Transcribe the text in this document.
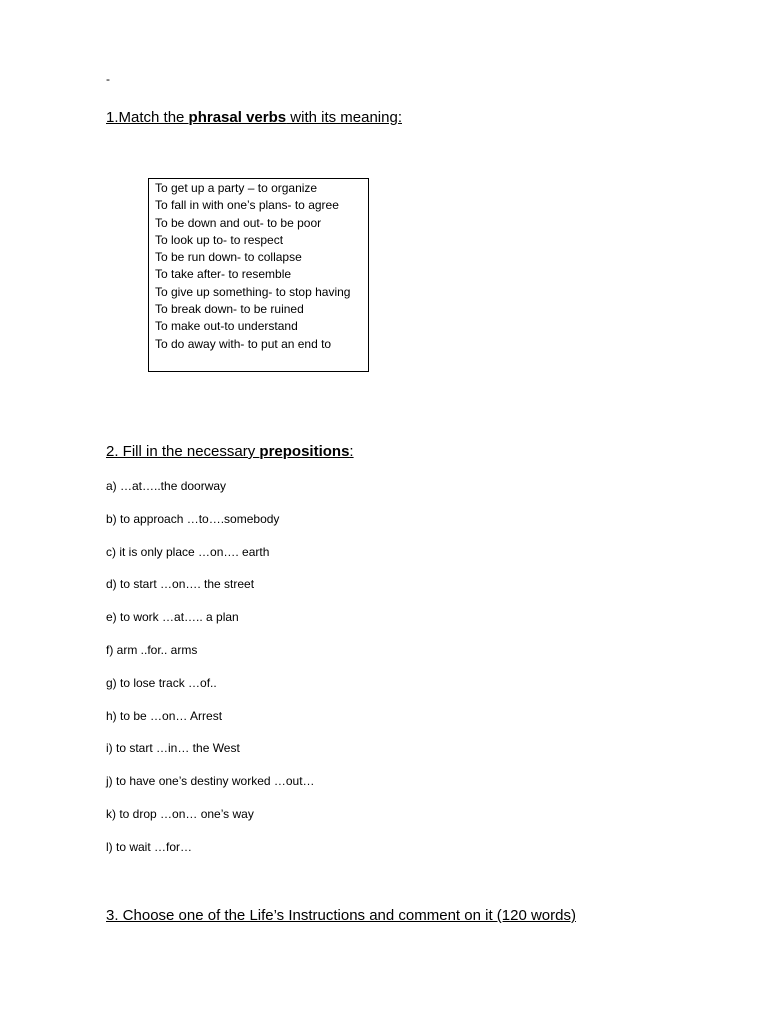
-
1.Match the phrasal verbs with its meaning:
To get up a party – to organize
To fall in with one’s plans- to agree
To be down and out- to be poor
To look up to- to respect
To be run down- to collapse
To take after- to resemble
To give up something- to stop having
To break down- to be ruined
To make out-to understand
To do away with- to put an end to
2. Fill in the necessary prepositions:
a) …at…..the doorway
b) to approach …to….somebody
c) it is only place …on…. earth
d) to start …on…. the street
e) to work …at….. a plan
f) arm ..for.. arms
g) to lose track …of..
h) to be …on… Arrest
i) to start …in… the West
j) to have one’s destiny worked …out…
k) to drop …on… one’s way
l) to wait …for…
3. Choose one of the Life’s Instructions and comment on it (120 words)
